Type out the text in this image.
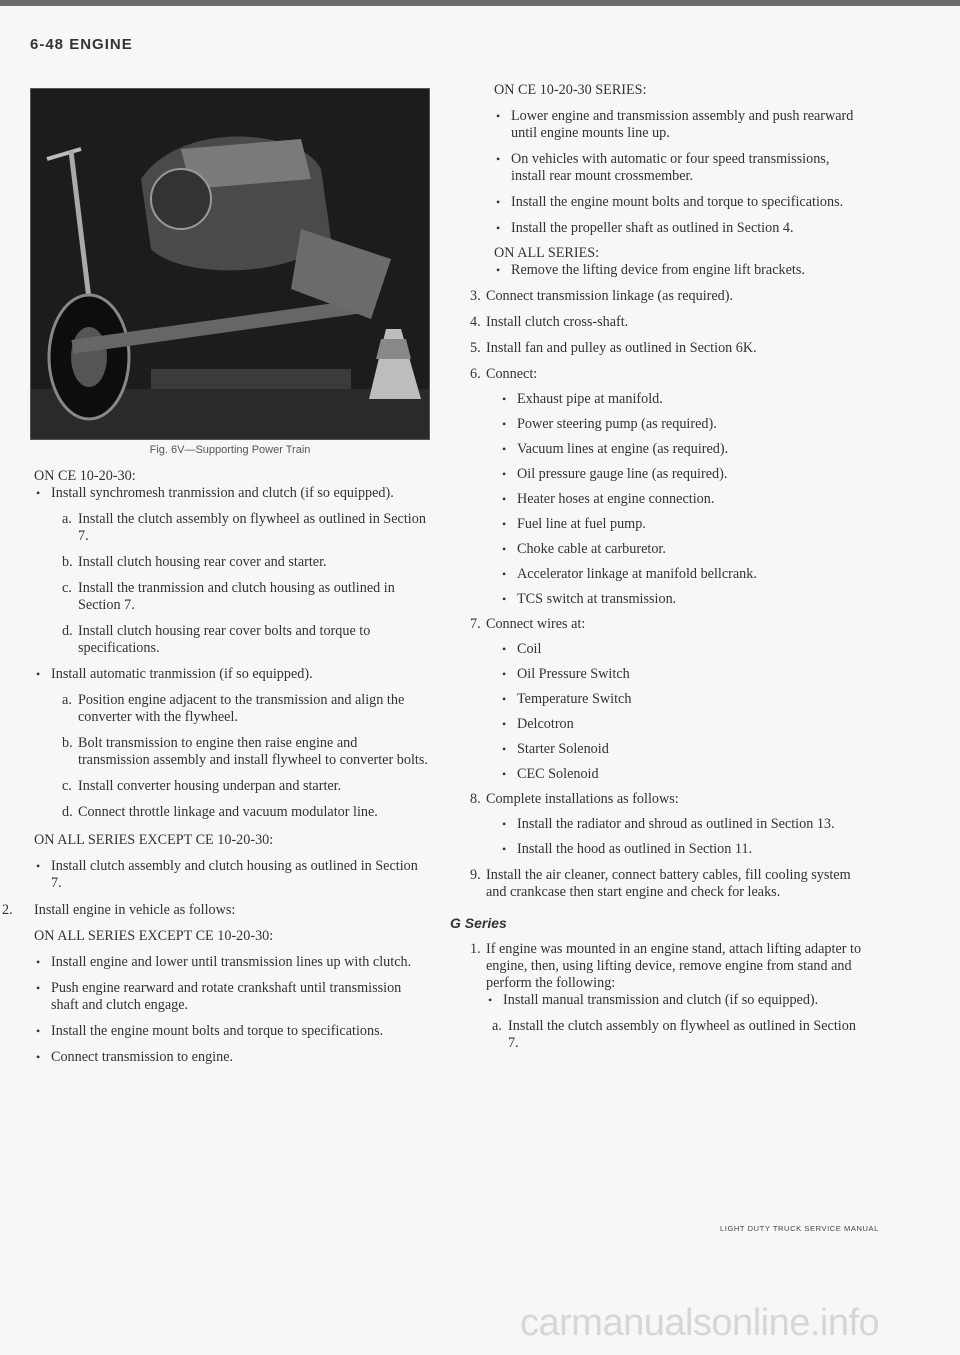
6-48 ENGINE
Fig. 6V—Supporting Power Train

ON CE 10-20-30:

• Install synchromesh tranmission and clutch (if so equipped).

a. Install the clutch assembly on flywheel as outlined in Section 7.

b. Install clutch housing rear cover and starter.

c. Install the tranmission and clutch housing as outlined in Section 7.

d. Install clutch housing rear cover bolts and torque to specifications.

• Install automatic tranmission (if so equipped).

a. Position engine adjacent to the transmission and align the converter with the flywheel.

b. Bolt transmission to engine then raise engine and transmission assembly and install flywheel to converter bolts.

c. Install converter housing underpan and starter.

d. Connect throttle linkage and vacuum modulator line.

ON ALL SERIES EXCEPT CE 10-20-30:

• Install clutch assembly and clutch housing as outlined in Section 7.

2. Install engine in vehicle as follows:

ON ALL SERIES EXCEPT CE 10-20-30:

• Install engine and lower until transmission lines up with clutch.

• Push engine rearward and rotate crankshaft until transmission shaft and clutch engage.

• Install the engine mount bolts and torque to specifications.

• Connect transmission to engine.

ON CE 10-20-30 SERIES:

• Lower engine and transmission assembly and push rearward until engine mounts line up.

• On vehicles with automatic or four speed transmissions, install rear mount crossmember.

• Install the engine mount bolts and torque to specifications.

• Install the propeller shaft as outlined in Section 4.

ON ALL SERIES:

• Remove the lifting device from engine lift brackets.

3. Connect transmission linkage (as required).

4. Install clutch cross-shaft.

5. Install fan and pulley as outlined in Section 6K.

6. Connect:

• Exhaust pipe at manifold.

• Power steering pump (as required).

• Vacuum lines at engine (as required).

• Oil pressure gauge line (as required).

• Heater hoses at engine connection.

• Fuel line at fuel pump.

• Choke cable at carburetor.

• Accelerator linkage at manifold bellcrank.

• TCS switch at transmission.

7. Connect wires at:

• Coil

• Oil Pressure Switch

• Temperature Switch

• Delcotron

• Starter Solenoid

• CEC Solenoid

8. Complete installations as follows:

• Install the radiator and shroud as outlined in Section 13.

• Install the hood as outlined in Section 11.

9. Install the air cleaner, connect battery cables, fill cooling system and crankcase then start engine and check for leaks.

G Series

1. If engine was mounted in an engine stand, attach lifting adapter to engine, then, using lifting device, remove engine from stand and perform the following:

• Install manual transmission and clutch (if so equipped).

a. Install the clutch assembly on flywheel as outlined in Section 7.

LIGHT DUTY TRUCK SERVICE MANUAL
carmanualsonline.info
